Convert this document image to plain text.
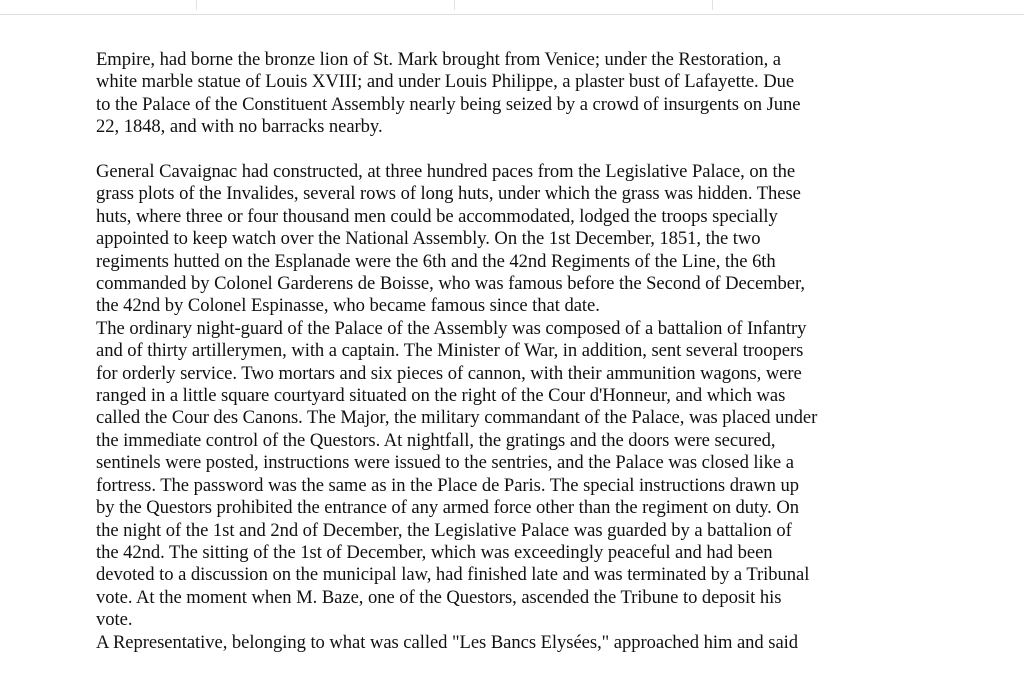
Empire, had borne the bronze lion of St. Mark brought from Venice; under the Restoration, a
white marble statue of Louis XVIII; and under Louis Philippe, a plaster bust of Lafayette. Due
to the Palace of the Constituent Assembly nearly being seized by a crowd of insurgents on June
22, 1848, and with no barracks nearby.

General Cavaignac had constructed, at three hundred paces from the Legislative Palace, on the
grass plots of the Invalides, several rows of long huts, under which the grass was hidden. These
huts, where three or four thousand men could be accommodated, lodged the troops specially
appointed to keep watch over the National Assembly. On the 1st December, 1851, the two
regiments hutted on the Esplanade were the 6th and the 42nd Regiments of the Line, the 6th
commanded by Colonel Garderens de Boisse, who was famous before the Second of December,
the 42nd by Colonel Espinasse, who became famous since that date.

The ordinary night-guard of the Palace of the Assembly was composed of a battalion of Infantry
and of thirty artillerymen, with a captain. The Minister of War, in addition, sent several troopers
for orderly service. Two mortars and six pieces of cannon, with their ammunition wagons, were
ranged in a little square courtyard situated on the right of the Cour d'Honneur, and which was
called the Cour des Canons. The Major, the military commandant of the Palace, was placed under
the immediate control of the Questors. At nightfall, the gratings and the doors were secured,
sentinels were posted, instructions were issued to the sentries, and the Palace was closed like a
fortress. The password was the same as in the Place de Paris. The special instructions drawn up
by the Questors prohibited the entrance of any armed force other than the regiment on duty. On
the night of the 1st and 2nd of December, the Legislative Palace was guarded by a battalion of
the 42nd. The sitting of the 1st of December, which was exceedingly peaceful and had been
devoted to a discussion on the municipal law, had finished late and was terminated by a Tribunal
vote. At the moment when M. Baze, one of the Questors, ascended the Tribune to deposit his
vote.

A Representative, belonging to what was called "Les Bancs Elysées," approached him and said
